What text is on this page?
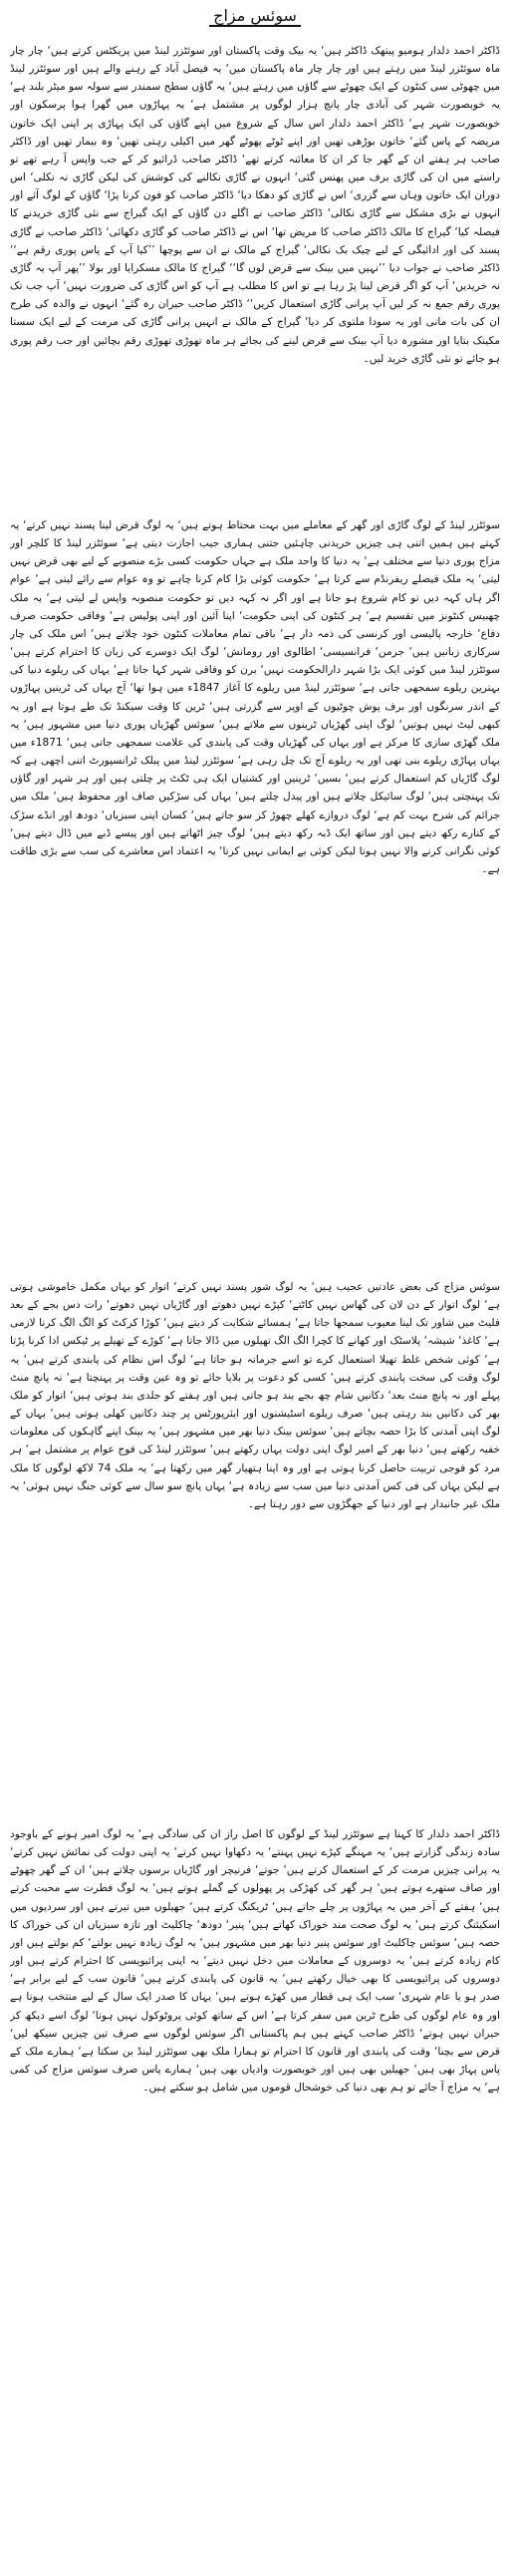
سوئس مزاج

ڈاکٹر احمد دلدار ہومیو پیتھک ڈاکٹر ہیں‘ یہ بیک وقت پاکستان اور سوئٹزر لینڈ میں پریکٹس کرتے ہیں‘ چار چار ماہ سوئٹزر لینڈ میں رہتے ہیں اور چار چار ماہ پاکستان میں‘ یہ فیصل آباد کے رہنے والے ہیں اور سوئٹزر لینڈ میں چھوٹی سی کنٹون کے ایک چھوٹے سے گاؤں میں رہتے ہیں‘ یہ گاؤں سطح سمندر سے سولہ سو میٹر بلند ہے‘ یہ خوبصورت شہر کی آبادی چار پانچ ہزار لوگوں پر مشتمل ہے‘ یہ پہاڑوں میں گھرا ہوا پرسکون اور خوبصورت شہر ہے‘ ڈاکٹر احمد دلدار اس سال کے شروع میں اپنے گاؤں کی ایک پہاڑی پر اپنی ایک خاتون مریضہ کے پاس گئے‘ خاتون بوڑھی تھیں اور اپنے ٹوٹے پھوٹے گھر میں اکیلی رہتی تھیں‘ وہ بیمار تھیں اور ڈاکٹر صاحب ہر ہفتے ان کے گھر جا کر ان کا معائنہ کرتے تھے‘ ڈاکٹر صاحب ڈرائیو کر کے جب واپس آ رہے تھے تو راستے میں ان کی گاڑی برف میں پھنس گئی‘ انہوں نے گاڑی نکالنے کی کوشش کی لیکن گاڑی نہ نکلی‘ اس دوران ایک خاتون وہاں سے گزری‘ اس نے گاڑی کو دھکا دیا‘ ڈاکٹر صاحب کو فون کرنا پڑا‘ گاؤں کے لوگ آئے اور انہوں نے بڑی مشکل سے گاڑی نکالی‘ ڈاکٹر صاحب نے اگلے دن گاؤں کے ایک گیراج سے نئی گاڑی خریدنے کا فیصلہ کیا‘ گیراج کا مالک ڈاکٹر صاحب کا مریض تھا‘ اس نے ڈاکٹر صاحب کو گاڑی دکھائی‘ ڈاکٹر صاحب نے گاڑی پسند کی اور ادائیگی کے لیے چیک بک نکالی‘ گیراج کے مالک نے ان سے پوچھا ’’کیا آپ کے پاس پوری رقم ہے‘‘ ڈاکٹر صاحب نے جواب دیا ’’نہیں میں بینک سے قرض لوں گا‘‘ گیراج کا مالک مسکرایا اور بولا ’’پھر آپ یہ گاڑی نہ خریدیں‘ آپ کو اگر قرض لینا پڑ رہا ہے تو اس کا مطلب ہے آپ کو اس گاڑی کی ضرورت نہیں‘ آپ جب تک پوری رقم جمع نہ کر لیں آپ پرانی گاڑی استعمال کریں‘‘ ڈاکٹر صاحب حیران رہ گئے‘ انہوں نے والدہ کی طرح ان کی بات مانی اور یہ سودا ملتوی کر دیا‘ گیراج کے مالک نے انہیں پرانی گاڑی کی مرمت کے لیے ایک سستا مکینک بتایا اور مشورہ دیا آپ بینک سے قرض لینے کی بجائے ہر ماہ تھوڑی تھوڑی رقم بچائیں اور جب رقم پوری ہو جائے تو نئی گاڑی خرید لیں۔

سوئٹزر لینڈ کے لوگ گاڑی اور گھر کے معاملے میں بہت محتاط ہوتے ہیں‘ یہ لوگ قرض لینا پسند نہیں کرتے‘ یہ کہتے ہیں ہمیں اتنی ہی چیزیں خریدنی چاہئیں جتنی ہماری جیب اجازت دیتی ہے‘ سوئٹزر لینڈ کا کلچر اور مزاج پوری دنیا سے مختلف ہے‘ یہ دنیا کا واحد ملک ہے جہاں حکومت کسی بڑے منصوبے کے لیے بھی قرض نہیں لیتی‘ یہ ملک فیصلے ریفرنڈم سے کرتا ہے‘ حکومت کوئی بڑا کام کرنا چاہے تو وہ عوام سے رائے لیتی ہے‘ عوام اگر ہاں کہہ دیں تو کام شروع ہو جاتا ہے اور اگر نہ کہہ دیں تو حکومت منصوبہ واپس لے لیتی ہے‘ یہ ملک چھبیس کنٹونز میں تقسیم ہے‘ ہر کنٹون کی اپنی حکومت‘ اپنا آئین اور اپنی پولیس ہے‘ وفاقی حکومت صرف دفاع‘ خارجہ پالیسی اور کرنسی کی ذمہ دار ہے‘ باقی تمام معاملات کنٹون خود چلاتے ہیں‘ اس ملک کی چار سرکاری زبانیں ہیں‘ جرمن‘ فرانسیسی‘ اطالوی اور رومانش‘ لوگ ایک دوسرے کی زبان کا احترام کرتے ہیں‘ سوئٹزر لینڈ میں کوئی ایک بڑا شہر دارالحکومت نہیں‘ برن کو وفاقی شہر کہا جاتا ہے‘ یہاں کی ریلوے دنیا کی بہترین ریلوے سمجھی جاتی ہے‘ سوئٹزر لینڈ میں ریلوے کا آغاز 1847ء میں ہوا تھا‘ آج یہاں کی ٹرینیں پہاڑوں کے اندر سرنگوں اور برف پوش چوٹیوں کے اوپر سے گزرتی ہیں‘ ٹرین کا وقت سیکنڈ تک طے ہوتا ہے اور یہ کبھی لیٹ نہیں ہوتیں‘ لوگ اپنی گھڑیاں ٹرینوں سے ملاتے ہیں‘ سوئس گھڑیاں پوری دنیا میں مشہور ہیں‘ یہ ملک گھڑی سازی کا مرکز ہے اور یہاں کی گھڑیاں وقت کی پابندی کی علامت سمجھی جاتی ہیں‘ 1871ء میں یہاں پہاڑی ریلوے بنی تھی اور یہ ریلوے آج تک چل رہی ہے‘ سوئٹزر لینڈ میں پبلک ٹرانسپورٹ اتنی اچھی ہے کہ لوگ گاڑیاں کم استعمال کرتے ہیں‘ بسیں‘ ٹرینیں اور کشتیاں ایک ہی ٹکٹ پر چلتی ہیں اور ہر شہر اور گاؤں تک پہنچتی ہیں‘ لوگ سائیکل چلاتے ہیں اور پیدل چلتے ہیں‘ یہاں کی سڑکیں صاف اور محفوظ ہیں‘ ملک میں جرائم کی شرح بہت کم ہے‘ لوگ دروازے کھلے چھوڑ کر سو جاتے ہیں‘ کسان اپنی سبزیاں‘ دودھ اور انڈے سڑک کے کنارے رکھ دیتے ہیں اور ساتھ ایک ڈبہ رکھ دیتے ہیں‘ لوگ چیز اٹھاتے ہیں اور پیسے ڈبے میں ڈال دیتے ہیں‘ کوئی نگرانی کرنے والا نہیں ہوتا لیکن کوئی بے ایمانی نہیں کرتا‘ یہ اعتماد اس معاشرے کی سب سے بڑی طاقت ہے۔

سوئس مزاج کی بعض عادتیں عجیب ہیں‘ یہ لوگ شور پسند نہیں کرتے‘ اتوار کو یہاں مکمل خاموشی ہوتی ہے‘ لوگ اتوار کے دن لان کی گھاس نہیں کاٹتے‘ کپڑے نہیں دھوتے اور گاڑیاں نہیں دھوتے‘ رات دس بجے کے بعد فلیٹ میں شاور تک لینا معیوب سمجھا جاتا ہے‘ ہمسائے شکایت کر دیتے ہیں‘ کوڑا کرکٹ کو الگ الگ کرنا لازمی ہے‘ کاغذ‘ شیشہ‘ پلاسٹک اور کھانے کا کچرا الگ الگ تھیلوں میں ڈالا جاتا ہے‘ کوڑے کے تھیلے پر ٹیکس ادا کرنا پڑتا ہے‘ کوئی شخص غلط تھیلا استعمال کرے تو اسے جرمانہ ہو جاتا ہے‘ لوگ اس نظام کی پابندی کرتے ہیں‘ یہ لوگ وقت کی سخت پابندی کرتے ہیں‘ کسی کو دعوت پر بلایا جائے تو وہ عین وقت پر پہنچتا ہے‘ نہ پانچ منٹ پہلے اور نہ پانچ منٹ بعد‘ دکانیں شام چھ بجے بند ہو جاتی ہیں اور ہفتے کو جلدی بند ہوتی ہیں‘ اتوار کو ملک بھر کی دکانیں بند رہتی ہیں‘ صرف ریلوے اسٹیشنوں اور ایئرپورٹس پر چند دکانیں کھلی ہوتی ہیں‘ یہاں کے لوگ اپنی آمدنی کا بڑا حصہ بچاتے ہیں‘ سوئس بینک دنیا بھر میں مشہور ہیں‘ یہ بینک اپنے گاہکوں کی معلومات خفیہ رکھتے ہیں‘ دنیا بھر کے امیر لوگ اپنی دولت یہاں رکھتے ہیں‘ سوئٹزر لینڈ کی فوج عوام پر مشتمل ہے‘ ہر مرد کو فوجی تربیت حاصل کرنا ہوتی ہے اور وہ اپنا ہتھیار گھر میں رکھتا ہے‘ یہ ملک 74 لاکھ لوگوں کا ملک ہے لیکن یہاں کی فی کس آمدنی دنیا میں سب سے زیادہ ہے‘ یہاں پانچ سو سال سے کوئی جنگ نہیں ہوئی‘ یہ ملک غیر جانبدار ہے اور دنیا کے جھگڑوں سے دور رہتا ہے۔

ڈاکٹر احمد دلدار کا کہنا ہے سوئٹزر لینڈ کے لوگوں کا اصل راز ان کی سادگی ہے‘ یہ لوگ امیر ہونے کے باوجود سادہ زندگی گزارتے ہیں‘ یہ مہنگے کپڑے نہیں پہنتے‘ یہ دکھاوا نہیں کرتے‘ یہ اپنی دولت کی نمائش نہیں کرتے‘ یہ پرانی چیزیں مرمت کر کے استعمال کرتے ہیں‘ جوتے‘ فرنیچر اور گاڑیاں برسوں چلاتے ہیں‘ ان کے گھر چھوٹے اور صاف ستھرے ہوتے ہیں‘ ہر گھر کی کھڑکی پر پھولوں کے گملے ہوتے ہیں‘ یہ لوگ فطرت سے محبت کرتے ہیں‘ ہفتے کے آخر میں یہ پہاڑوں پر چلے جاتے ہیں‘ ٹریکنگ کرتے ہیں‘ جھیلوں میں تیرتے ہیں اور سردیوں میں اسکیئنگ کرتے ہیں‘ یہ لوگ صحت مند خوراک کھاتے ہیں‘ پنیر‘ دودھ‘ چاکلیٹ اور تازہ سبزیاں ان کی خوراک کا حصہ ہیں‘ سوئس چاکلیٹ اور سوئس پنیر دنیا بھر میں مشہور ہیں‘ یہ لوگ زیادہ نہیں بولتے‘ کم بولتے ہیں اور کام زیادہ کرتے ہیں‘ یہ دوسروں کے معاملات میں دخل نہیں دیتے‘ یہ اپنی پرائیویسی کا احترام کرتے ہیں اور دوسروں کی پرائیویسی کا بھی خیال رکھتے ہیں‘ یہ قانون کی پابندی کرتے ہیں‘ قانون سب کے لیے برابر ہے‘ صدر ہو یا عام شہری‘ سب ایک ہی قطار میں کھڑے ہوتے ہیں‘ یہاں کا صدر ایک سال کے لیے منتخب ہوتا ہے اور وہ عام لوگوں کی طرح ٹرین میں سفر کرتا ہے‘ اس کے ساتھ کوئی پروٹوکول نہیں ہوتا‘ لوگ اسے دیکھ کر حیران نہیں ہوتے‘ ڈاکٹر صاحب کہتے ہیں ہم پاکستانی اگر سوئس لوگوں سے صرف تین چیزیں سیکھ لیں‘ قرض سے بچنا‘ وقت کی پابندی اور قانون کا احترام تو ہمارا ملک بھی سوئٹزر لینڈ بن سکتا ہے‘ ہمارے ملک کے پاس پہاڑ بھی ہیں‘ جھیلیں بھی ہیں اور خوبصورت وادیاں بھی ہیں‘ ہمارے پاس صرف سوئس مزاج کی کمی ہے‘ یہ مزاج آ جائے تو ہم بھی دنیا کی خوشحال قوموں میں شامل ہو سکتے ہیں۔
